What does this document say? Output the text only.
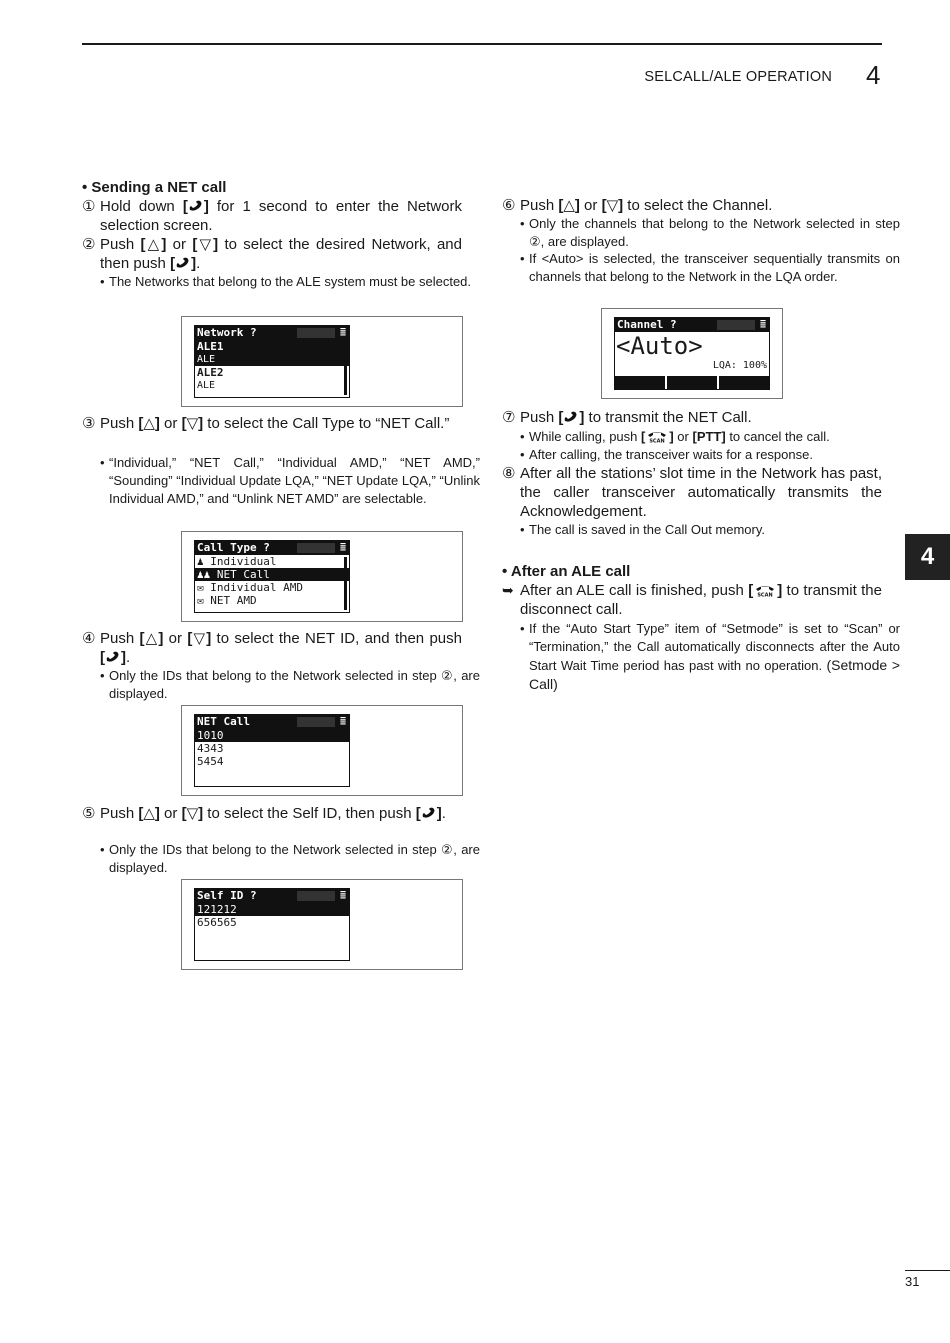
SELCALL/ALE OPERATION 4
4
31
• Sending a NET call
① Hold down [ ] for 1 second to enter the Network selection screen.
② Push [△] or [▽] to select the desired Network, and then push [ ].
• The Networks that belong to the ALE system must be selected.
Network ?	≣
ALE1
ALE
ALE2
ALE
③ Push [△] or [▽] to select the Call Type to “NET Call.”
• “Individual,” “NET Call,” “Individual AMD,” “NET AMD,” “Sounding” “Individual Update LQA,” “NET Update LQA,” “Unlink Individual AMD,” and “Unlink NET AMD” are selectable.
Call Type ?	≣
♟ Individual
♟♟ NET Call
✉ Individual AMD
✉ NET AMD
④ Push [△] or [▽] to select the NET ID, and then push [ ].
• Only the IDs that belong to the Network selected in step ②, are displayed.
NET Call	≣
1010
4343
5454
⑤ Push [△] or [▽] to select the Self ID, then push [ ].
• Only the IDs that belong to the Network selected in step ②, are displayed.
Self ID ?	≣
121212
656565
⑥ Push [△] or [▽] to select the Channel.
• Only the channels that belong to the Network selected in step ②, are displayed.
• If <Auto> is selected, the transceiver sequentially transmits on channels that belong to the Network in the LQA order.
Channel ?	≣
<Auto>
LQA: 100%
⑦ Push [ ] to transmit the NET Call.
• While calling, push [ SCAN ] or [PTT] to cancel the call.
• After calling, the transceiver waits for a response.
⑧ After all the stations’ slot time in the Network has past, the caller transceiver automatically transmits the Acknowledgement.
• The call is saved in the Call Out memory.
• After an ALE call
➥ After an ALE call is finished, push [ SCAN ] to transmit the disconnect call.
• If the “Auto Start Type” item of “Setmode” is set to “Scan” or “Termination,” the Call automatically disconnects after the Auto Start Wait Time period has past with no operation. (Setmode > Call)
